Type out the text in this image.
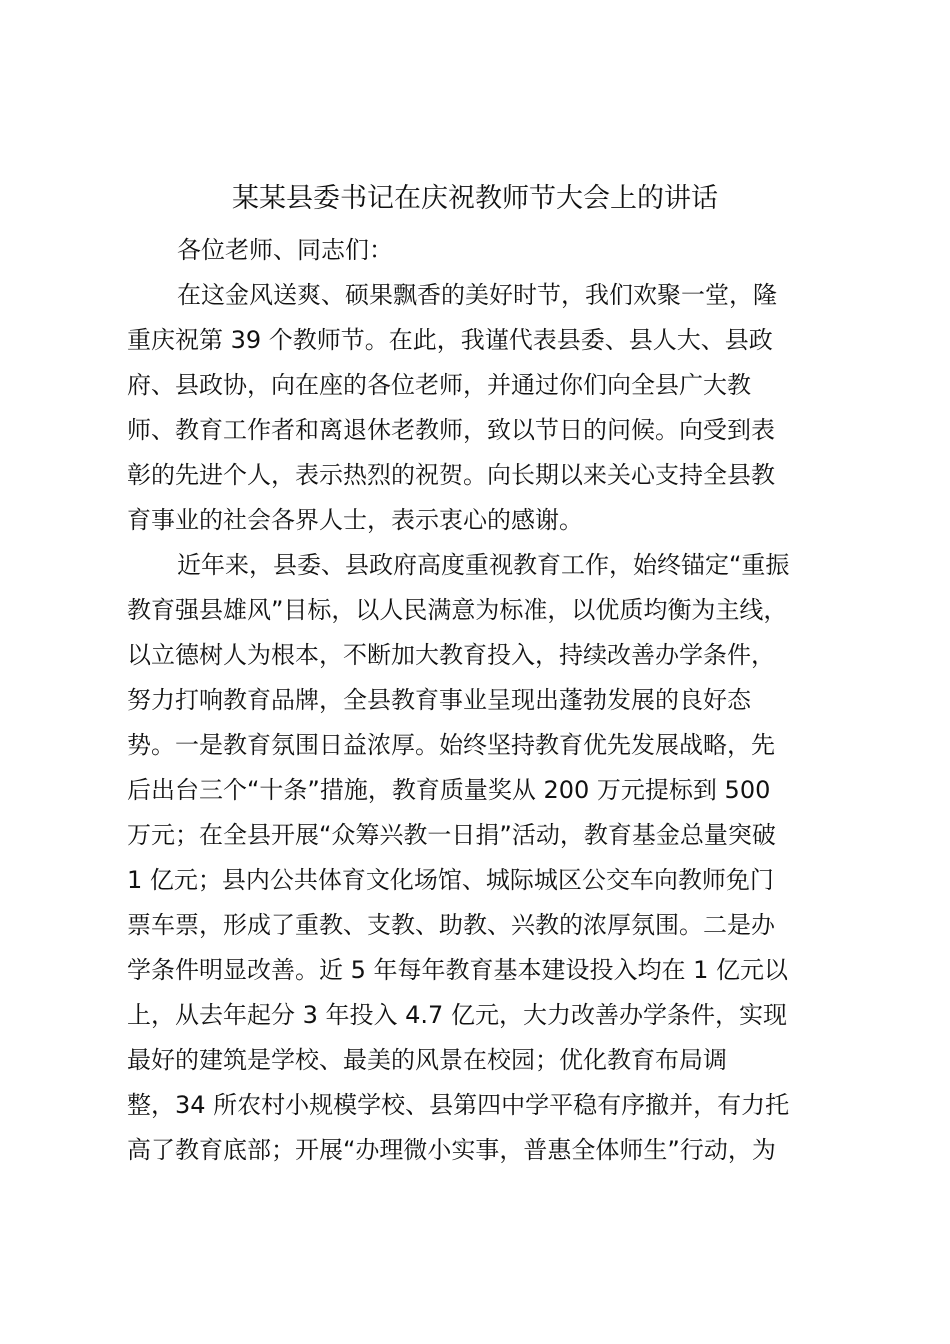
某某县委书记在庆祝教师节大会上的讲话
各位老师、同志们：
在这金风送爽、硕果飘香的美好时节，我们欢聚一堂，隆
重庆祝第 39 个教师节。在此，我谨代表县委、县人大、县政
府、县政协，向在座的各位老师，并通过你们向全县广大教
师、教育工作者和离退休老教师，致以节日的问候。向受到表
彰的先进个人，表示热烈的祝贺。向长期以来关心支持全县教
育事业的社会各界人士，表示衷心的感谢。
近年来，县委、县政府高度重视教育工作，始终锚定“重振
教育强县雄风”目标，以人民满意为标准，以优质均衡为主线，
以立德树人为根本，不断加大教育投入，持续改善办学条件，
努力打响教育品牌，全县教育事业呈现出蓬勃发展的良好态
势。一是教育氛围日益浓厚。始终坚持教育优先发展战略，先
后出台三个“十条”措施，教育质量奖从 200 万元提标到 500
万元；在全县开展“众筹兴教一日捐”活动，教育基金总量突破
1 亿元；县内公共体育文化场馆、城际城区公交车向教师免门
票车票，形成了重教、支教、助教、兴教的浓厚氛围。二是办
学条件明显改善。近 5 年每年教育基本建设投入均在 1 亿元以
上，从去年起分 3 年投入 4.7 亿元，大力改善办学条件，实现
最好的建筑是学校、最美的风景在校园；优化教育布局调
整，34 所农村小规模学校、县第四中学平稳有序撤并，有力托
高了教育底部；开展“办理微小实事，普惠全体师生”行动，为
